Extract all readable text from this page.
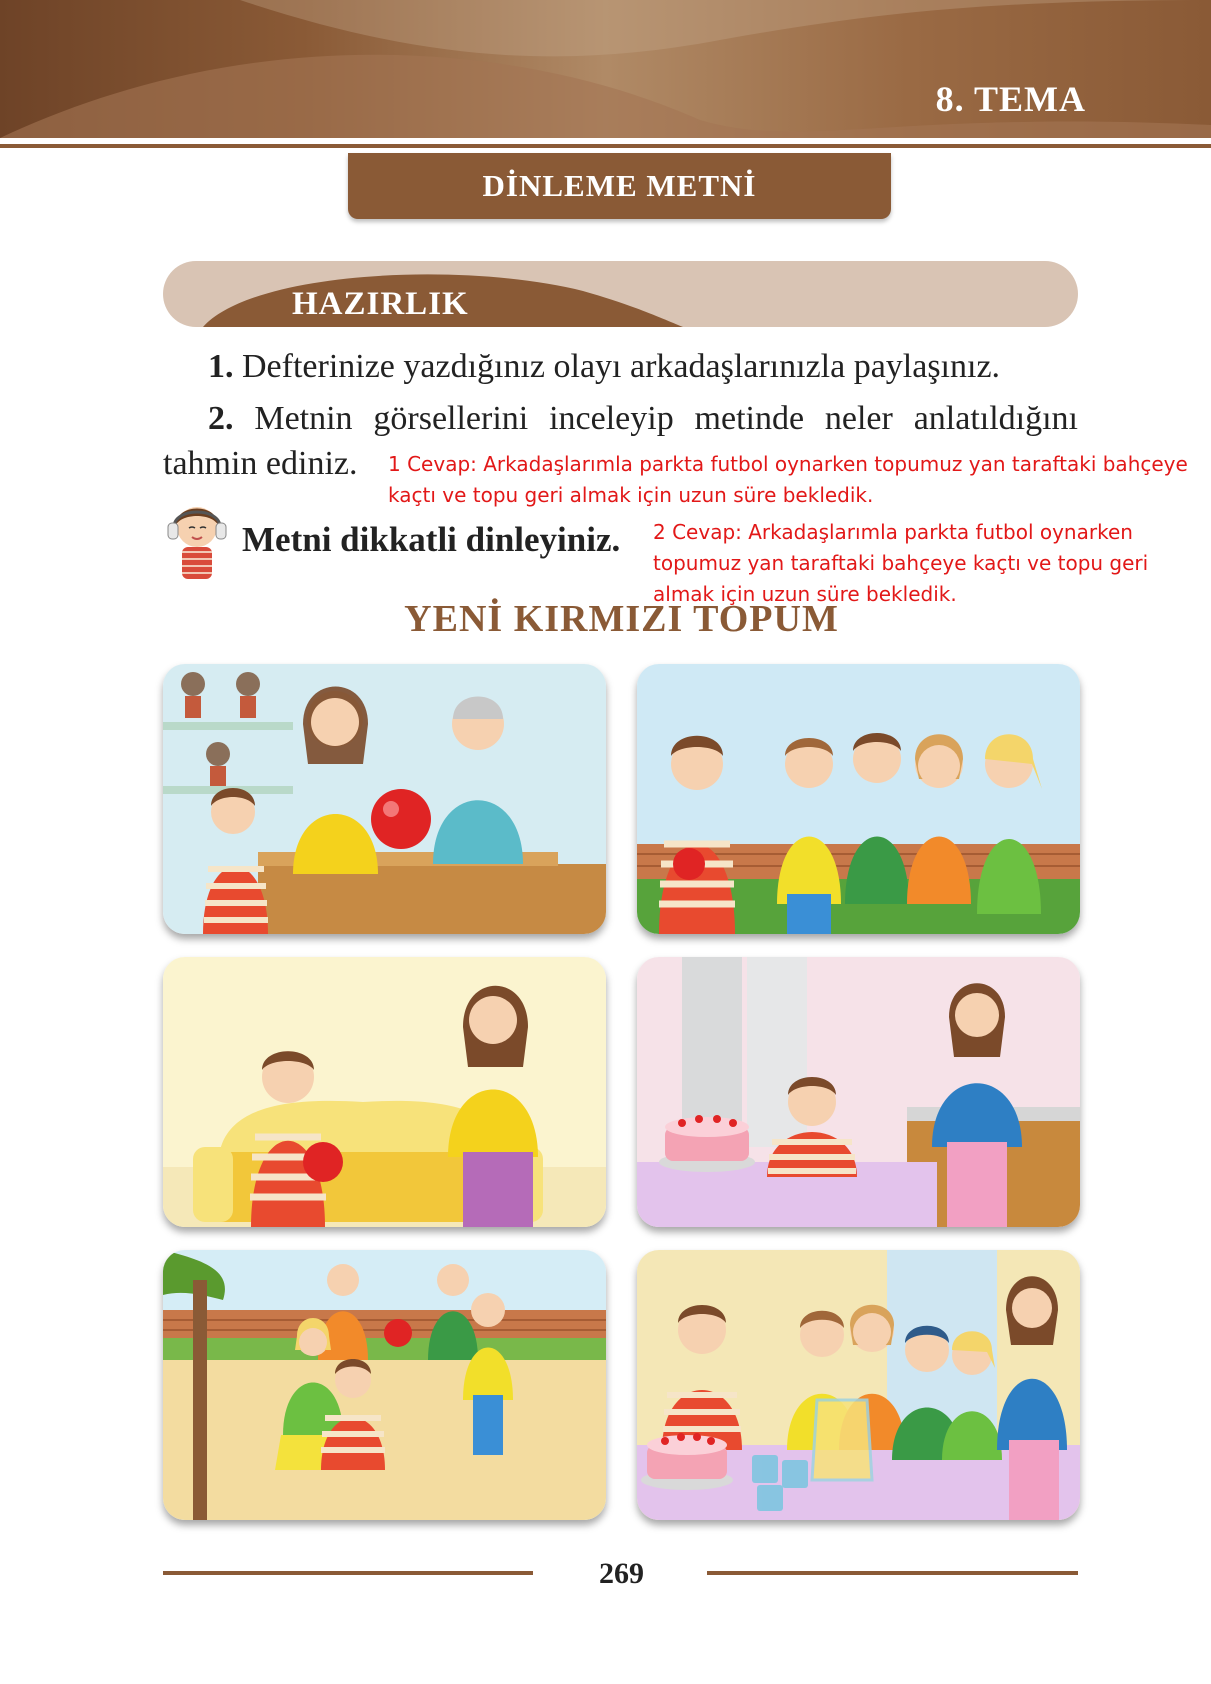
8. TEMA
DİNLEME METNİ
HAZIRLIK
1. Defterinize yazdığınız olayı arkadaşlarınızla paylaşınız.
2. Metnin görsellerini inceleyip metinde neler anlatıldığını
tahmin ediniz. 1 Cevap: Arkadaşlarımla parkta futbol oynarken topumuz yan taraftaki bahçeye kaçtı ve topu geri almak için uzun süre bekledik.
2 Cevap: Arkadaşlarımla parkta futbol oynarken topumuz yan taraftaki bahçeye kaçtı ve topu geri almak için uzun süre bekledik.
Metni dikkatli dinleyiniz.
YENİ KIRMIZI TOPUM
269
